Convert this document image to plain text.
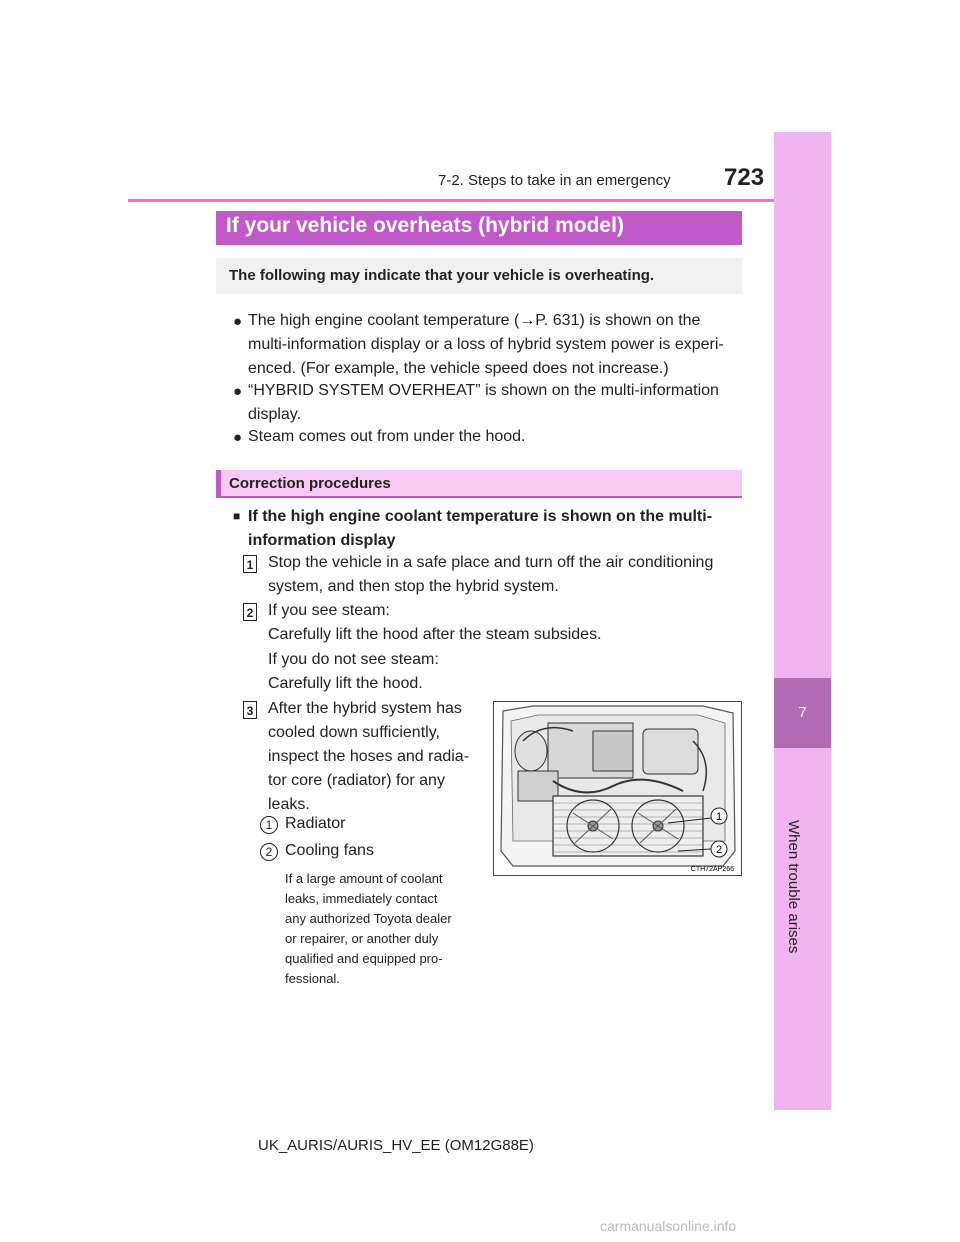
7-2. Steps to take in an emergency 723
7
When trouble arises
If your vehicle overheats (hybrid model)
The following may indicate that your vehicle is overheating.
● The high engine coolant temperature (→P. 631) is shown on the
multi-information display or a loss of hybrid system power is experi-
enced. (For example, the vehicle speed does not increase.)
● “HYBRID SYSTEM OVERHEAT” is shown on the multi-information
display.
● Steam comes out from under the hood.
Correction procedures
■ If the high engine coolant temperature is shown on the multi-
information display
1 Stop the vehicle in a safe place and turn off the air conditioning
system, and then stop the hybrid system.
2 If you see steam:
Carefully lift the hood after the steam subsides.
If you do not see steam:
Carefully lift the hood.
3 After the hybrid system has
cooled down sufficiently,
inspect the hoses and radia-
tor core (radiator) for any
leaks.
1 Radiator
2 Cooling fans
If a large amount of coolant
leaks, immediately contact
any authorized Toyota dealer
or repairer, or another duly
qualified and equipped pro-
fessional.
1
2
CTH72AP266
UK_AURIS/AURIS_HV_EE (OM12G88E)
carmanualsonline.info
